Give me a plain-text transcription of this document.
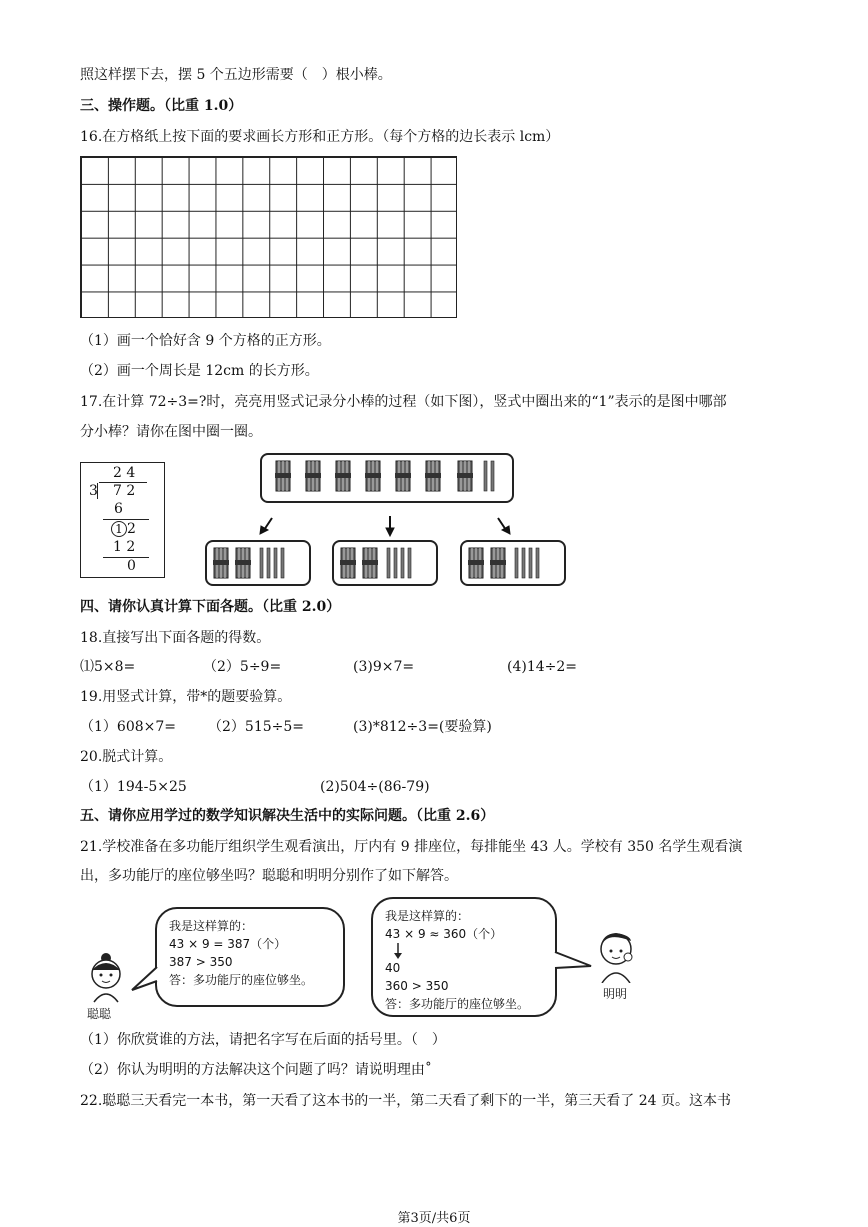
照这样摆下去，摆 5 个五边形需要（　）根小棒。
三、操作题。（比重 1.0）
16.在方格纸上按下面的要求画长方形和正方形。（每个方格的边长表示 lcm）
（1）画一个恰好含 9 个方格的正方形。
（2）画一个周长是 12cm 的长方形。
17.在计算 72÷3=?时，亮亮用竖式记录分小棒的过程（如下图），竖式中圈出来的“1”表示的是图中哪部
分小棒？请你在图中圈一圈。
2 4
3 7 2
6
1 2
1 2
0
四、请你认真计算下面各题。（比重 2.0）
18.直接写出下面各题的得数。
⑴5×8=	（2）5÷9=	(3)9×7=	(4)14÷2=
19.用竖式计算，带*的题要验算。
（1）608×7= （2）515÷5=	(3)*812÷3=(要验算)
20.脱式计算。
（1）194-5×25	(2)504÷(86-79)
五、请你应用学过的数学知识解决生活中的实际问题。（比重 2.6）
21.学校准备在多功能厅组织学生观看演出，厅内有 9 排座位，每排能坐 43 人。学校有 350 名学生观看演
出，多功能厅的座位够坐吗？聪聪和明明分别作了如下解答。
聪聪
我是这样算的：
43 × 9 = 387（个）
387 > 350
答：多功能厅的座位够坐。
我是这样算的：
43 × 9 ≈ 360（个）
40
360 > 350
答：多功能厅的座位够坐。
明明
（1）你欣赏谁的方法，请把名字写在后面的括号里。（　）
（2）你认为明明的方法解决这个问题了吗？请说明理由˚
22.聪聪三天看完一本书，第一天看了这本书的一半，第二天看了剩下的一半，第三天看了 24 页。这本书
第3页/共6页
